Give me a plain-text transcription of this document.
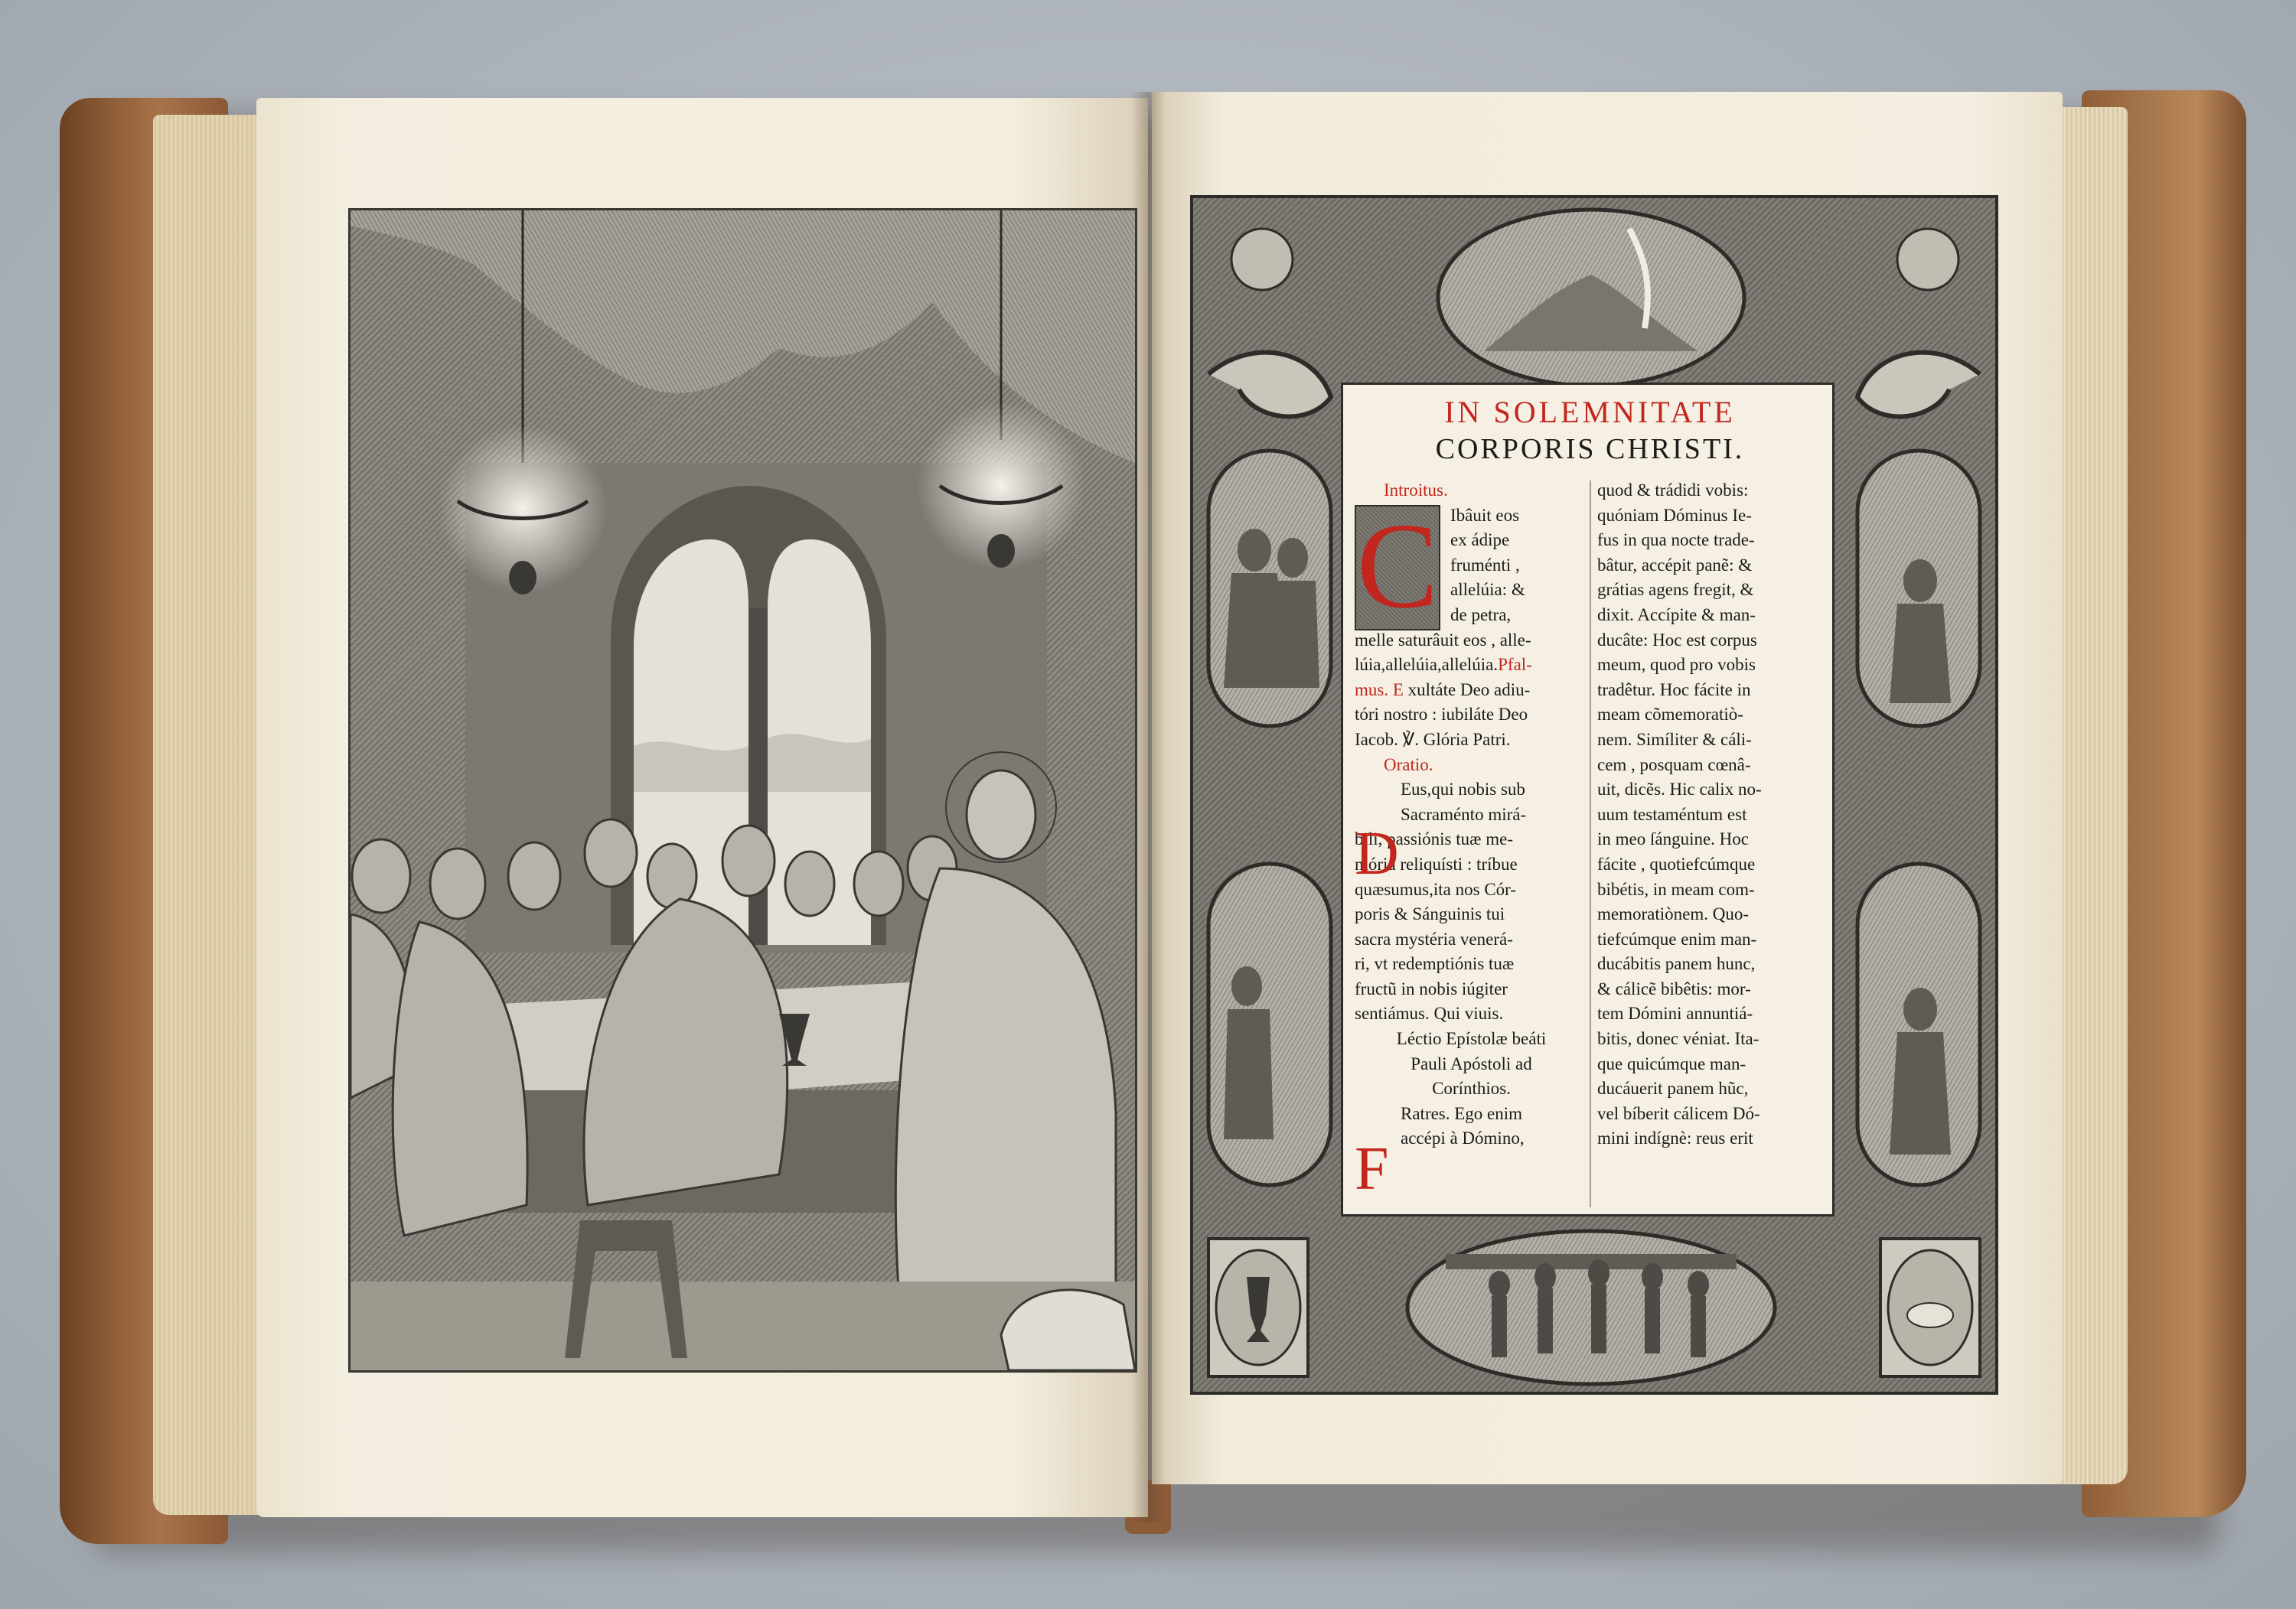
IN SOLEMNITATE
CORPORIS CHRISTI.
Introitus.
Ibâuit eos
ex ádipe
fruménti ,
allelúia: &
de petra,
melle saturâuit eos , alle-
lúia,allelúia,allelúia.Pfal-
mus. E xultáte Deo adiu-
tóri nostro : iubiláte Deo
Iacob. ℣. Glória Patri.
Oratio.
Eus,qui nobis sub
Sacraménto mirá-
bili, passiónis tuæ me-
mória reliquísti : tríbue
quæsumus,ita nos Cór-
poris & Sánguinis tui
sacra mystéria venerá-
ri, vt redemptiónis tuæ
fructũ in nobis iúgiter
sentiámus. Qui viuis.
Léctio Epístolæ beáti
Pauli Apóstoli ad
Corínthios.
Ratres. Ego enim
accépi à Dómino,
C
D
F
quod & trádidi vobis:
quóniam Dóminus Ie-
fus in qua nocte trade-
bâtur, accépit panẽ: &
grátias agens fregit, &
dixit. Accípite & man-
ducâte: Hoc est corpus
meum, quod pro vobis
tradêtur. Hoc fácite in
meam cõmemoratiò-
nem. Simíliter & cáli-
cem , posquam cœnâ-
uit, dicẽs. Hic calix no-
uum testaméntum est
in meo ſánguine. Hoc
fácite , quotiefcúmque
bibétis, in meam com-
memoratiònem. Quo-
tiefcúmque enim man-
ducábitis panem hunc,
& cálicẽ bibêtis: mor-
tem Dómini annuntiá-
bitis, donec véniat. Ita-
que quicúmque man-
ducáuerit panem hũc,
vel bíberit cálicem Dó-
mini indígnè: reus erit
